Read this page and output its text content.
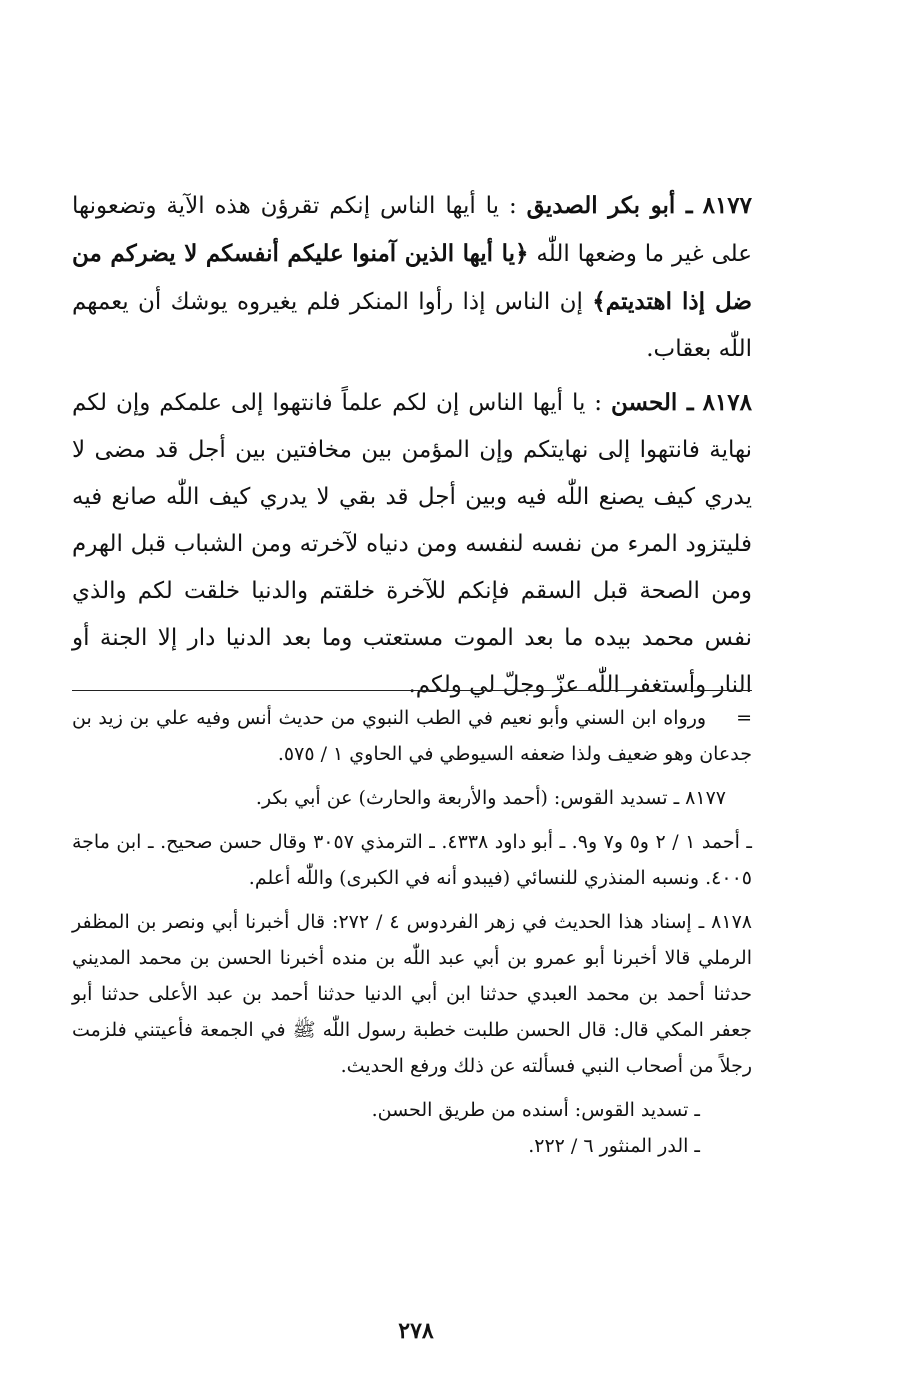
٨١٧٧ ـ أبو بكر الصديق : يا أيها الناس إنكم تقرؤن هذه الآية وتضعونها على غير ما وضعها اللّٰه ﴿يا أيها الذين آمنوا عليكم أنفسكم لا يضركم من ضل إذا اهتديتم﴾ إن الناس إذا رأوا المنكر فلم يغيروه يوشك أن يعمهم اللّٰه بعقاب.

٨١٧٨ ـ الحسن : يا أيها الناس إن لكم علماً فانتهوا إلى علمكم وإن لكم نهاية فانتهوا إلى نهايتكم وإن المؤمن بين مخافتين بين أجل قد مضى لا يدري كيف يصنع اللّٰه فيه وبين أجل قد بقي لا يدري كيف اللّٰه صانع فيه فليتزود المرء من نفسه لنفسه ومن دنياه لآخرته ومن الشباب قبل الهرم ومن الصحة قبل السقم فإنكم للآخرة خلقتم والدنيا خلقت لكم والذي نفس محمد بيده ما بعد الموت مستعتب وما بعد الدنيا دار إلا الجنة أو النار وأستغفر اللّٰه عزّ وجلّ لي ولكم.

=ورواه ابن السني وأبو نعيم في الطب النبوي من حديث أنس وفيه علي بن زيد بن جدعان وهو ضعيف ولذا ضعفه السيوطي في الحاوي ١ / ٥٧٥.

٨١٧٧ ـ تسديد القوس: (أحمد والأربعة والحارث) عن أبي بكر.

ـ أحمد ١ / ٢ و٥ و٧ و٩. ـ أبو داود ٤٣٣٨. ـ الترمذي ٣٠٥٧ وقال حسن صحيح. ـ ابن ماجة ٤٠٠٥. ونسبه المنذري للنسائي (فيبدو أنه في الكبرى) واللّٰه أعلم.

٨١٧٨ ـ إسناد هذا الحديث في زهر الفردوس ٤ / ٢٧٢: قال أخبرنا أبي ونصر بن المظفر الرملي قالا أخبرنا أبو عمرو بن أبي عبد اللّٰه بن منده أخبرنا الحسن بن محمد المديني حدثنا أحمد بن محمد العبدي حدثنا ابن أبي الدنيا حدثنا أحمد بن عبد الأعلى حدثنا أبو جعفر المكي قال: قال الحسن طلبت خطبة رسول اللّٰه ﷺ في الجمعة فأعيتني فلزمت رجلاً من أصحاب النبي فسألته عن ذلك ورفع الحديث.

ـ تسديد القوس: أسنده من طريق الحسن.

ـ الدر المنثور ٦ / ٢٢٢.

٢٧٨
